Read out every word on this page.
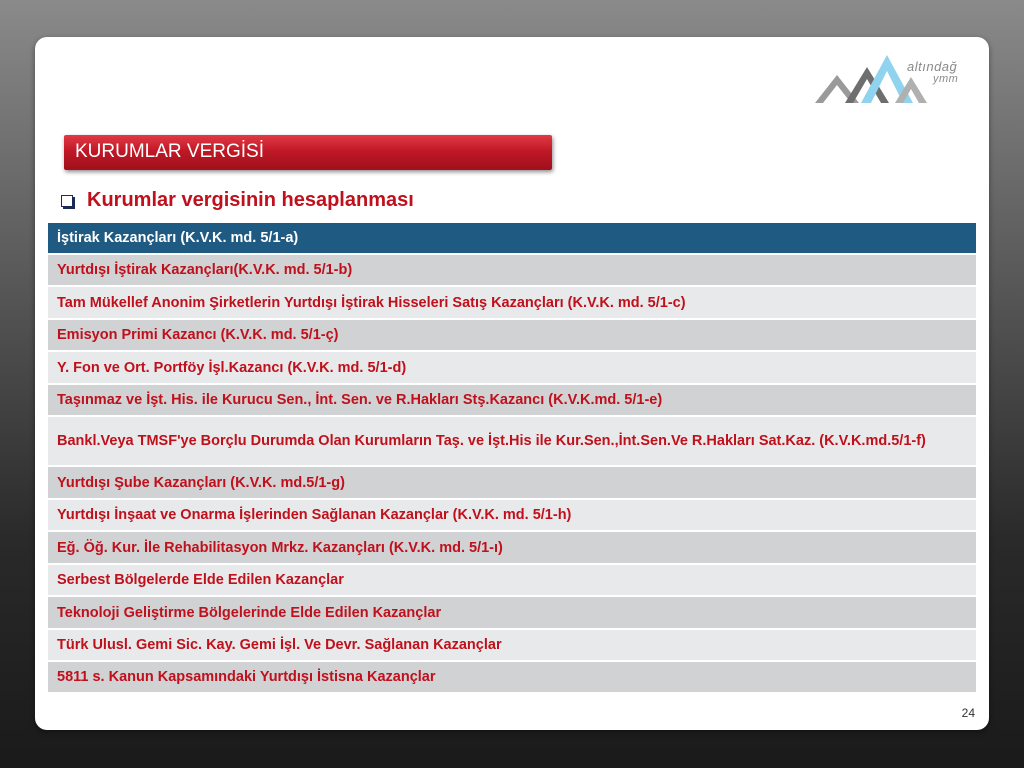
altındağ
ymm
KURUMLAR VERGİSİ
Kurumlar vergisinin hesaplanması
İştirak Kazançları (K.V.K. md. 5/1-a)
Yurtdışı İştirak Kazançları(K.V.K. md. 5/1-b)
Tam Mükellef Anonim Şirketlerin Yurtdışı İştirak Hisseleri Satış Kazançları (K.V.K. md. 5/1-c)
Emisyon Primi Kazancı (K.V.K. md. 5/1-ç)
Y. Fon ve Ort. Portföy İşl.Kazancı (K.V.K. md. 5/1-d)
Taşınmaz ve İşt. His. ile Kurucu Sen., İnt. Sen. ve R.Hakları Stş.Kazancı (K.V.K.md. 5/1-e)
Bankl.Veya TMSF'ye Borçlu Durumda Olan Kurumların Taş. ve İşt.His ile Kur.Sen.,İnt.Sen.Ve R.Hakları Sat.Kaz. (K.V.K.md.5/1-f)
Yurtdışı Şube Kazançları (K.V.K. md.5/1-g)
Yurtdışı İnşaat ve Onarma İşlerinden Sağlanan Kazançlar (K.V.K. md. 5/1-h)
Eğ. Öğ. Kur. İle Rehabilitasyon Mrkz. Kazançları (K.V.K. md. 5/1-ı)
Serbest Bölgelerde Elde Edilen Kazançlar
Teknoloji Geliştirme Bölgelerinde Elde Edilen Kazançlar
Türk Ulusl. Gemi Sic. Kay. Gemi İşl. Ve Devr. Sağlanan Kazançlar
5811 s. Kanun Kapsamındaki Yurtdışı İstisna Kazançlar
24
